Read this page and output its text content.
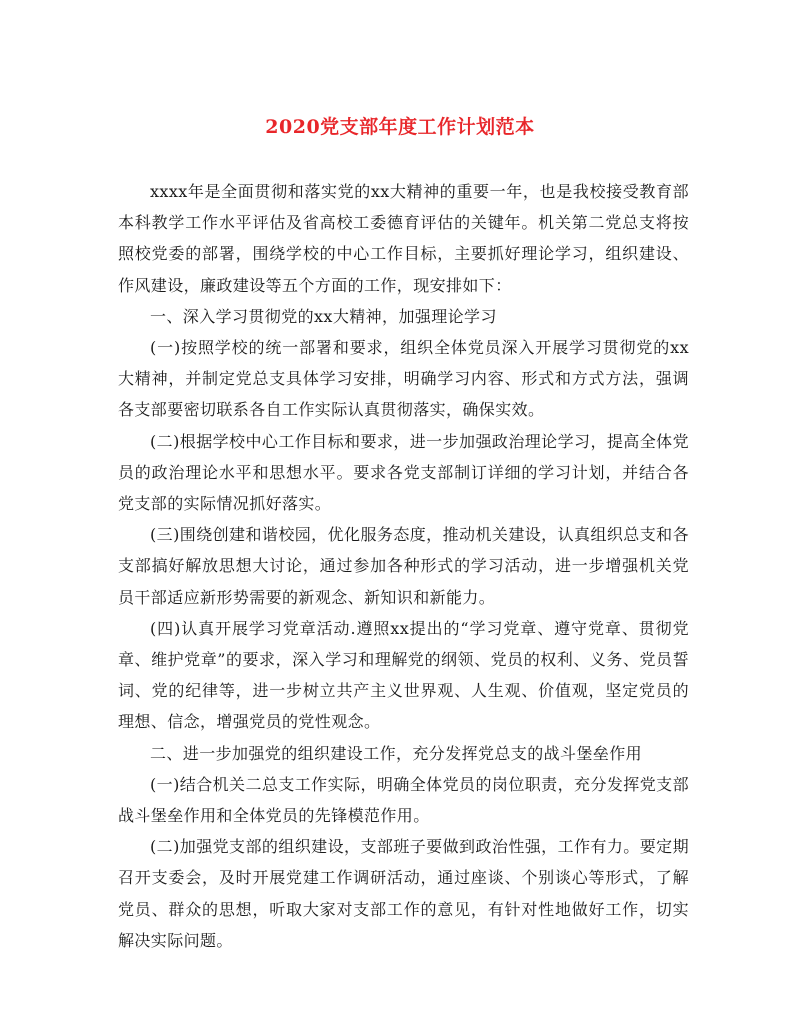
2020党支部年度工作计划范本

xxxx年是全面贯彻和落实党的xx大精神的重要一年，也是我校接受教育部本科教学工作水平评估及省高校工委德育评估的关键年。机关第二党总支将按照校党委的部署，围绕学校的中心工作目标，主要抓好理论学习，组织建设、作风建设，廉政建设等五个方面的工作，现安排如下：

一、深入学习贯彻党的xx大精神，加强理论学习

(一)按照学校的统一部署和要求，组织全体党员深入开展学习贯彻党的xx大精神，并制定党总支具体学习安排，明确学习内容、形式和方式方法，强调各支部要密切联系各自工作实际认真贯彻落实，确保实效。

(二)根据学校中心工作目标和要求，进一步加强政治理论学习，提高全体党员的政治理论水平和思想水平。要求各党支部制订详细的学习计划，并结合各党支部的实际情况抓好落实。

(三)围绕创建和谐校园，优化服务态度，推动机关建设，认真组织总支和各支部搞好解放思想大讨论，通过参加各种形式的学习活动，进一步增强机关党员干部适应新形势需要的新观念、新知识和新能力。

(四)认真开展学习党章活动.遵照xx提出的“学习党章、遵守党章、贯彻党章、维护党章”的要求，深入学习和理解党的纲领、党员的权利、义务、党员誓词、党的纪律等，进一步树立共产主义世界观、人生观、价值观，坚定党员的理想、信念，增强党员的党性观念。

二、进一步加强党的组织建设工作，充分发挥党总支的战斗堡垒作用

(一)结合机关二总支工作实际，明确全体党员的岗位职责，充分发挥党支部战斗堡垒作用和全体党员的先锋模范作用。

(二)加强党支部的组织建设，支部班子要做到政治性强，工作有力。要定期召开支委会，及时开展党建工作调研活动，通过座谈、个别谈心等形式，了解党员、群众的思想，听取大家对支部工作的意见，有针对性地做好工作，切实解决实际问题。
